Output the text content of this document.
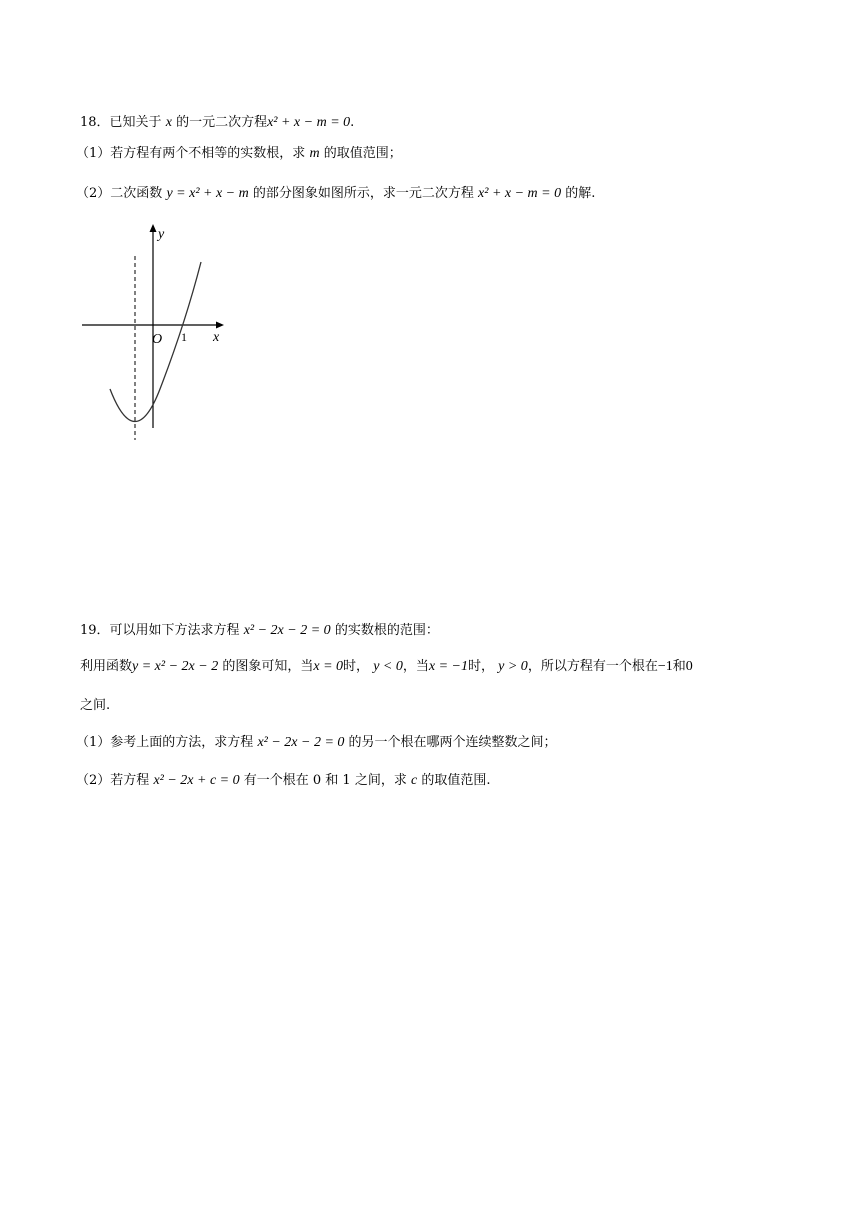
18．已知关于 x 的一元二次方程x² + x − m = 0.
（1）若方程有两个不相等的实数根，求 m 的取值范围；
（2）二次函数 y = x² + x − m 的部分图象如图所示，求一元二次方程 x² + x − m = 0 的解.
y
x
O 1
19．可以用如下方法求方程 x² − 2x − 2 = 0 的实数根的范围：
利用函数y = x² − 2x − 2 的图象可知，当x = 0时， y < 0，当x = −1时， y > 0，所以方程有一个根在−1和0
之间.
（1）参考上面的方法，求方程 x² − 2x − 2 = 0 的另一个根在哪两个连续整数之间；
（2）若方程 x² − 2x + c = 0 有一个根在 0 和 1 之间，求 c 的取值范围.
